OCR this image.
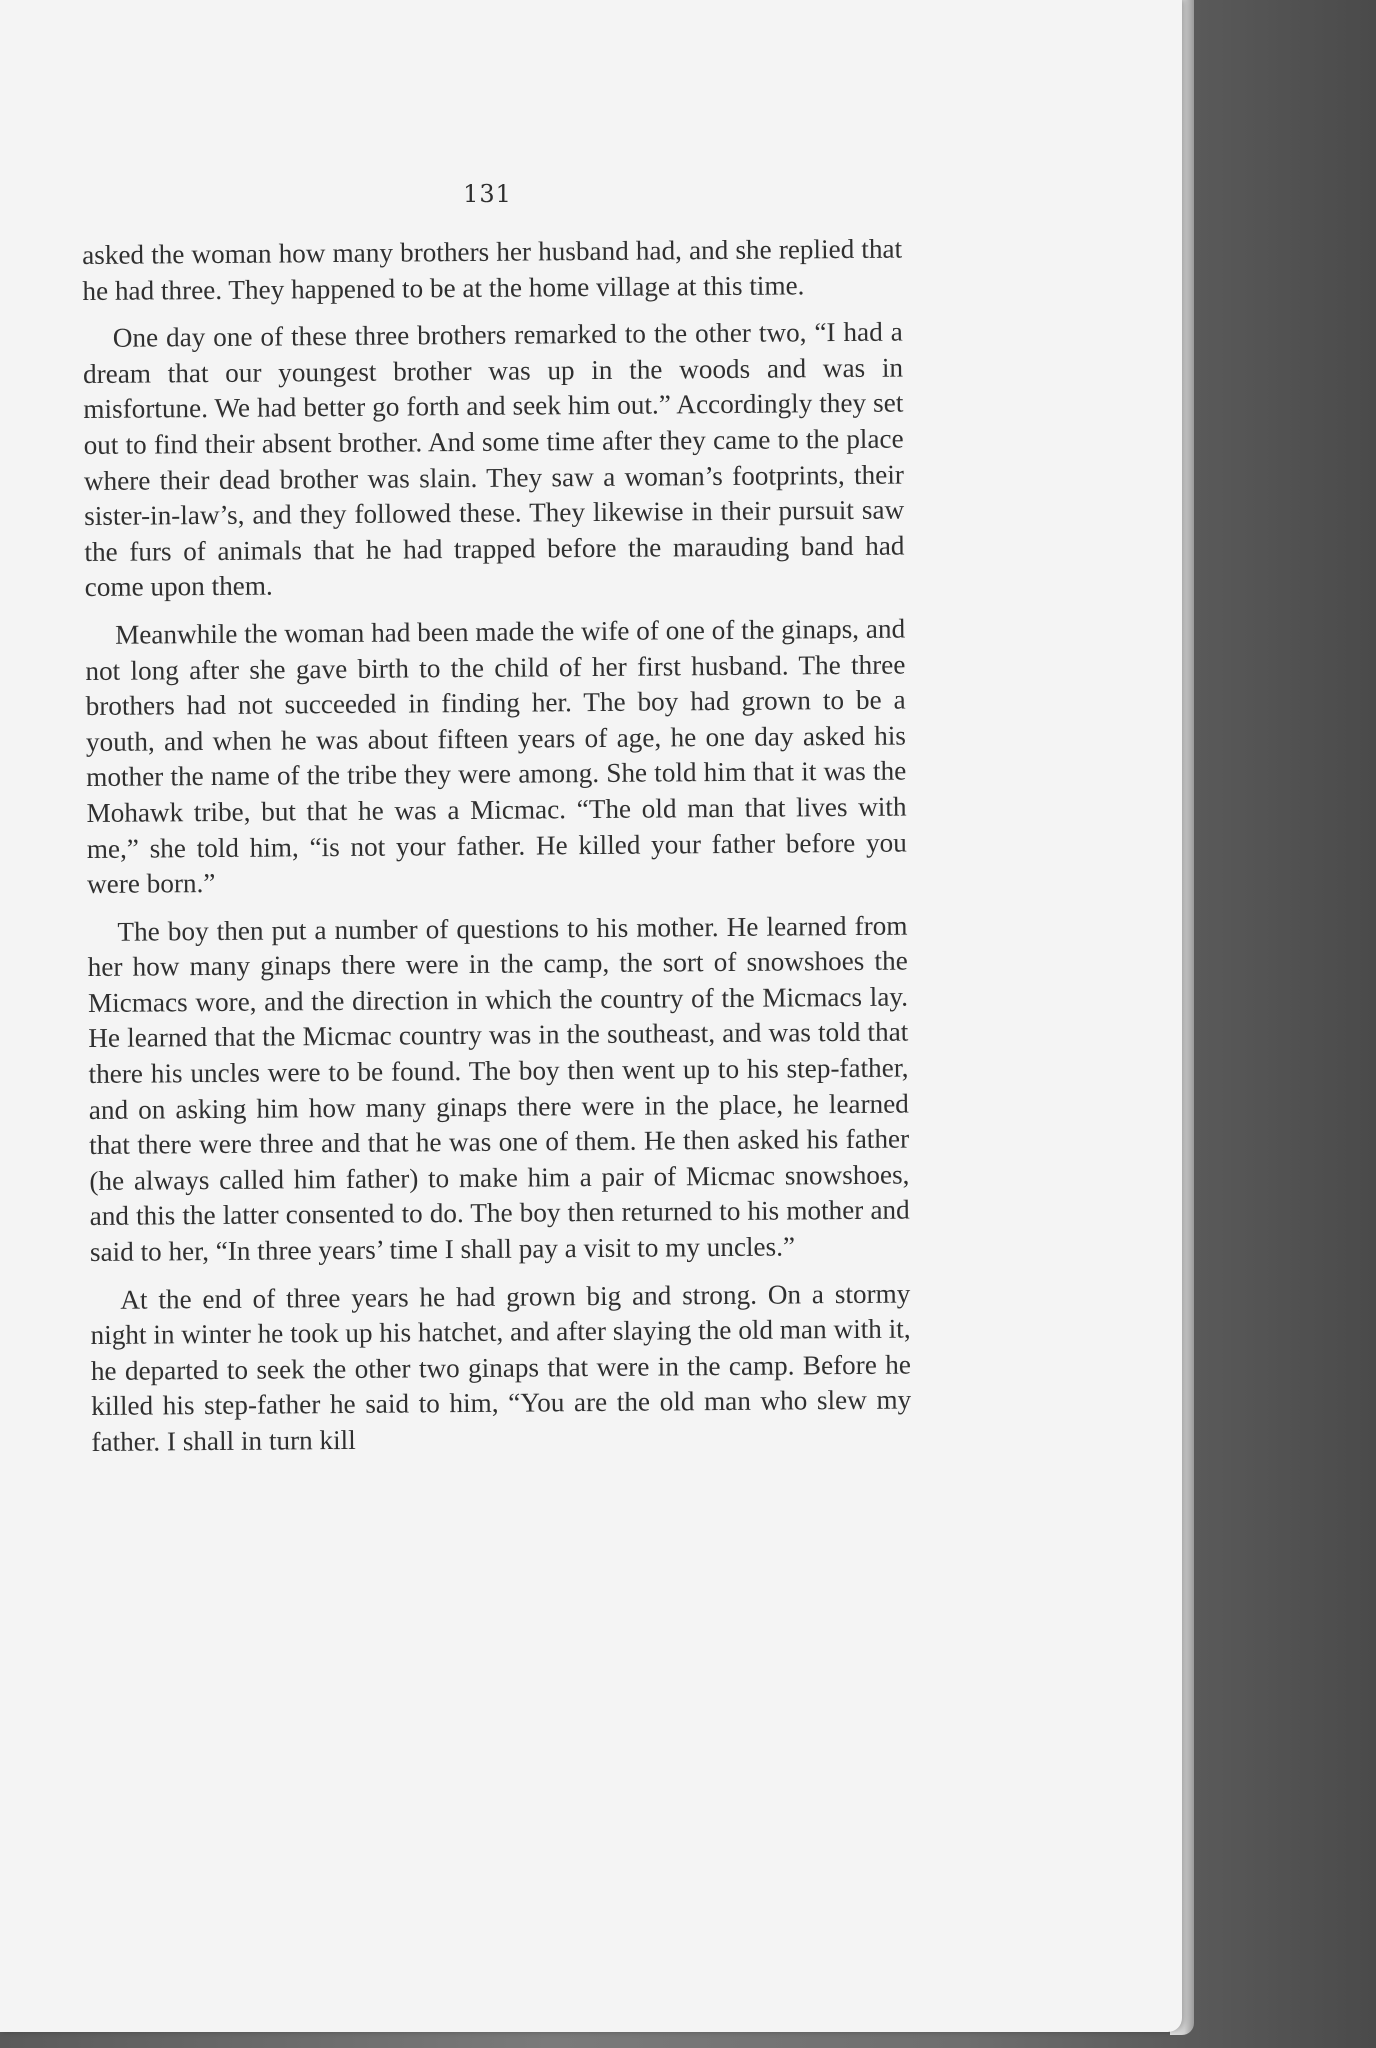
131

asked the woman how many brothers her husband had, and she replied that he had three. They happened to be at the home village at this time.

One day one of these three brothers remarked to the other two, “I had a dream that our youngest brother was up in the woods and was in misfortune. We had better go forth and seek him out.” Accordingly they set out to find their absent brother. And some time after they came to the place where their dead brother was slain. They saw a woman’s footprints, their sister-in-law’s, and they followed these. They likewise in their pursuit saw the furs of animals that he had trapped before the marauding band had come upon them.

Meanwhile the woman had been made the wife of one of the ginaps, and not long after she gave birth to the child of her first husband. The three brothers had not succeeded in finding her. The boy had grown to be a youth, and when he was about fifteen years of age, he one day asked his mother the name of the tribe they were among. She told him that it was the Mohawk tribe, but that he was a Micmac. “The old man that lives with me,” she told him, “is not your father. He killed your father before you were born.”

The boy then put a number of questions to his mother. He learned from her how many ginaps there were in the camp, the sort of snowshoes the Micmacs wore, and the direction in which the country of the Micmacs lay. He learned that the Micmac country was in the southeast, and was told that there his uncles were to be found. The boy then went up to his step-father, and on asking him how many ginaps there were in the place, he learned that there were three and that he was one of them. He then asked his father (he always called him father) to make him a pair of Micmac snowshoes, and this the latter consented to do. The boy then returned to his mother and said to her, “In three years’ time I shall pay a visit to my uncles.”

At the end of three years he had grown big and strong. On a stormy night in winter he took up his hatchet, and after slaying the old man with it, he departed to seek the other two ginaps that were in the camp. Before he killed his step-father he said to him, “You are the old man who slew my father. I shall in turn kill
